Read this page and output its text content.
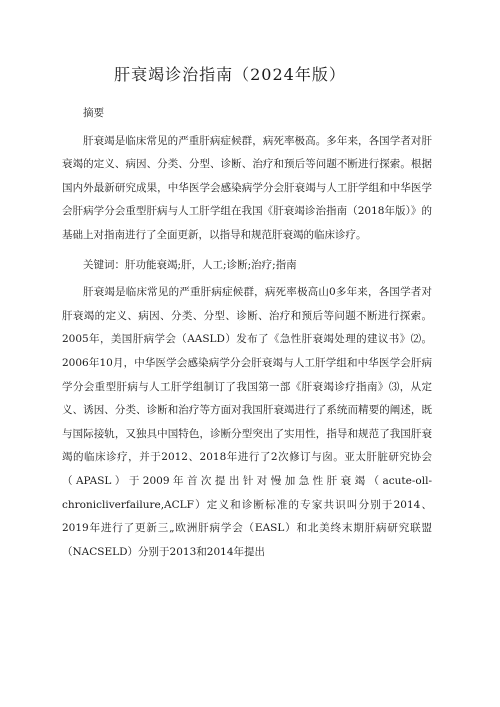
肝衰竭诊治指南（2024年版）

摘要

肝衰竭是临床常见的严重肝病症候群，病死率极高。多年来，各国学者对肝衰竭的定义、病因、分类、分型、诊断、治疗和预后等问题不断进行探索。根据国内外最新研究成果，中华医学会感染病学分会肝衰竭与人工肝学组和中华医学会肝病学分会重型肝病与人工肝学组在我国《肝衰竭诊治指南（2018年版）》的基础上对指南进行了全面更新，以指导和规范肝衰竭的临床诊疗。

关键词：肝功能衰竭;肝，人工;诊断;治疗;指南

肝衰竭是临床常见的严重肝病症候群，病死率极高山0多年来，各国学者对肝衰竭的定义、病因、分类、分型、诊断、治疗和预后等问题不断进行探索。2005年，美国肝病学会（AASLD）发布了《急性肝衰竭处理的建议书》⑵。2006年10月，中华医学会感染病学分会肝衰竭与人工肝学组和中华医学会肝病学分会重型肝病与人工肝学组制订了我国第一部《肝衰竭诊疗指南》⑶，从定义、诱因、分类、诊断和治疗等方面对我国肝衰竭进行了系统而精要的阐述，既与国际接轨，又独具中国特色，诊断分型突出了实用性，指导和规范了我国肝衰竭的临床诊疗，并于2012、2018年进行了2次修订与囱。亚太肝脏研究协会（APASL）于2009年首次提出针对慢加急性肝衰竭（acute-oll-chronicliverfailure,ACLF）定义和诊断标准的专家共识叫分别于2014、2019年进行了更新三„欧洲肝病学会（EASL）和北美终末期肝病研究联盟（NACSELD）分别于2013和2014年提出
